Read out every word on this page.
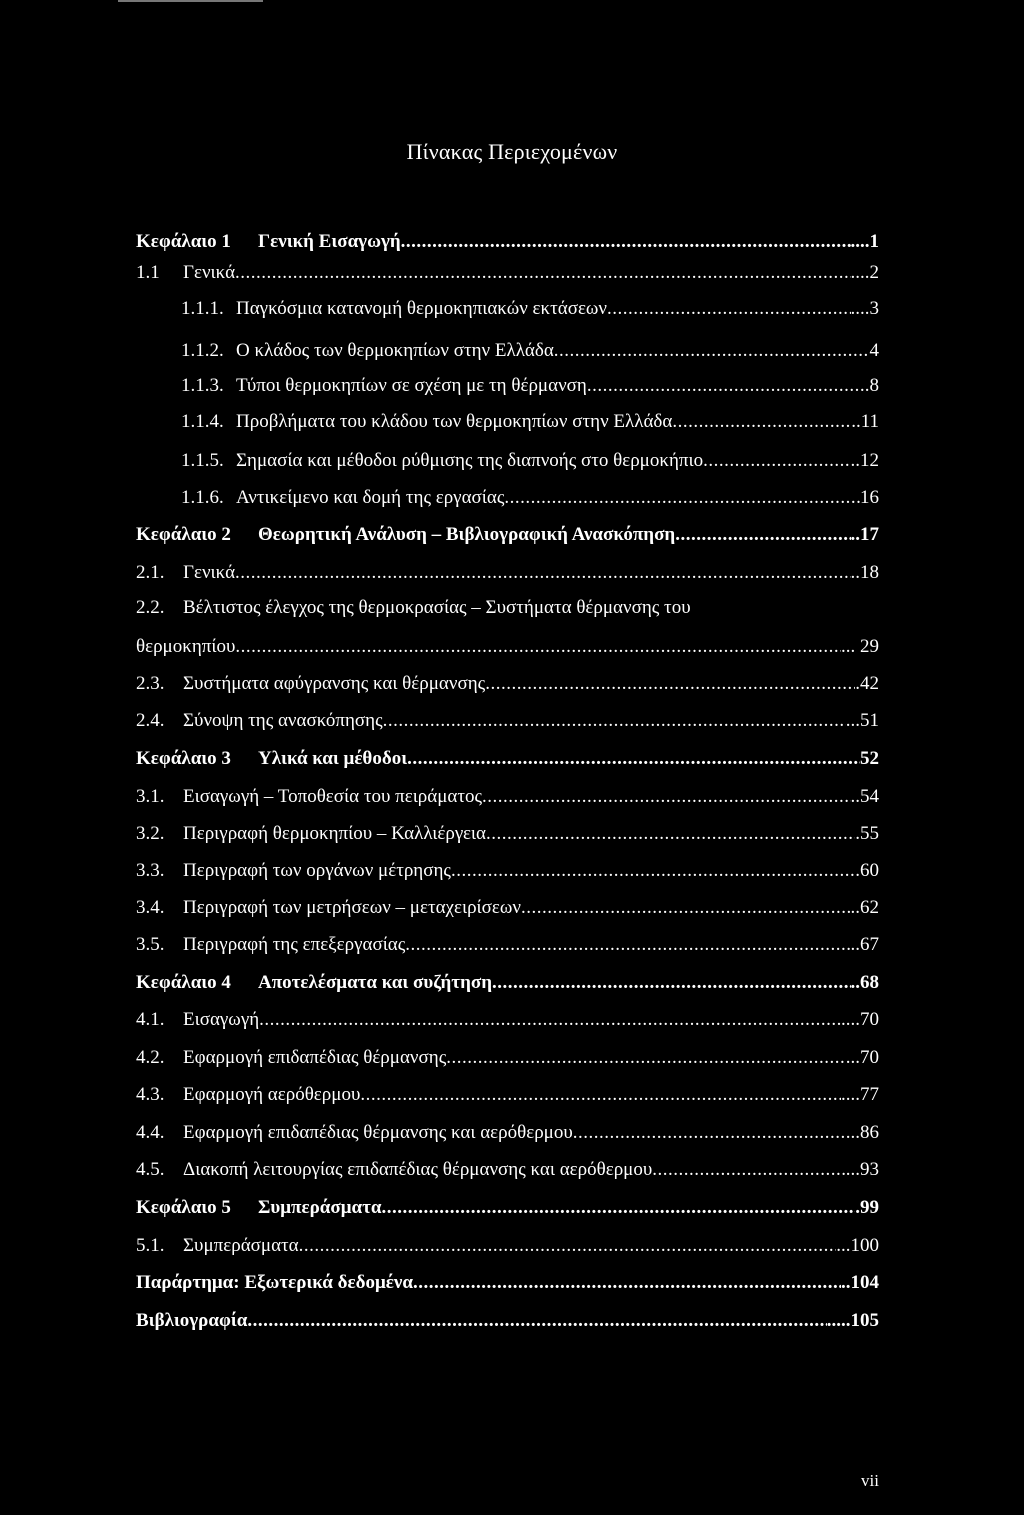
Πίνακας Περιεχομένων
Κεφάλαιο 1	Γενική Εισαγωγή .....	....1
1.1	Γενικά .....	....2
1.1.1. Παγκόσμια κατανομή θερμοκηπιακών εκτάσεων .....	....3
1.1.2. Ο κλάδος των θερμοκηπίων στην Ελλάδα .....	4
1.1.3. Τύποι θερμοκηπίων σε σχέση με τη θέρμανση .....	.8
1.1.4. Προβλήματα του κλάδου των θερμοκηπίων στην Ελλάδα .....	..11
1.1.5. Σημασία και μέθοδοι ρύθμισης της διαπνοής στο θερμοκήπιο .....	..12
1.1.6. Αντικείμενο και δομή της εργασίας .....	16
Κεφάλαιο 2	Θεωρητική Ανάλυση – Βιβλιογραφική Ανασκόπηση .....	..17
2.1. Γενικά .....	..18
2.2. Βέλτιστος έλεγχος της θερμοκρασίας – Συστήματα θέρμανσης του
θερμοκηπίου .....	... 29
2.3. Συστήματα αφύγρανσης και θέρμανσης .....	.42
2.4. Σύνοψη της ανασκόπησης .....	...51
Κεφάλαιο 3	Υλικά και μέθοδοι .....	52
3.1. Εισαγωγή – Τοποθεσία του πειράματος .....	..54
3.2. Περιγραφή θερμοκηπίου – Καλλιέργεια .....	.55
3.3. Περιγραφή των οργάνων μέτρησης .....	.60
3.4. Περιγραφή των μετρήσεων – μεταχειρίσεων .....	..62
3.5. Περιγραφή της επεξεργασίας .....	..67
Κεφάλαιο 4	Αποτελέσματα και συζήτηση .....	..68
4.1. Εισαγωγή .....	....70
4.2. Εφαρμογή επιδαπέδιας θέρμανσης .....	...70
4.3. Εφαρμογή αερόθερμου .....	....77
4.4. Εφαρμογή επιδαπέδιας θέρμανσης και αερόθερμου .....	..86
4.5. Διακοπή λειτουργίας επιδαπέδιας θέρμανσης και αερόθερμου .....	...93
Κεφάλαιο 5	Συμπεράσματα .....	.99
5.1. Συμπεράσματα .....	...100
Παράρτημα: Εξωτερικά δεδομένα .....	..104
Βιβλιογραφία .....	.....105
vii
